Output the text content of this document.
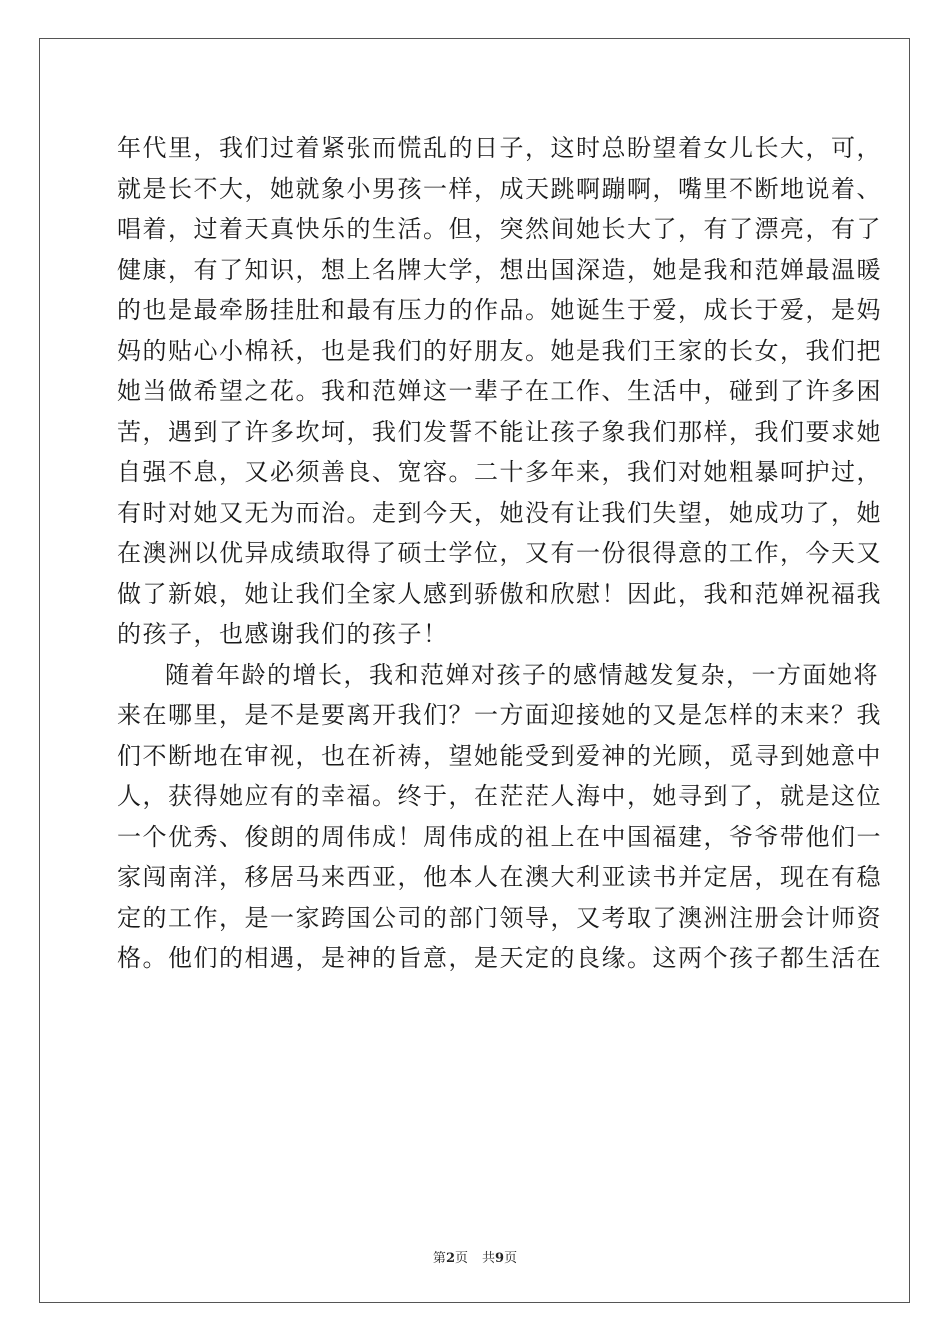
年代里，我们过着紧张而慌乱的日子，这时总盼望着女儿长大，可，
就是长不大，她就象小男孩一样，成天跳啊蹦啊，嘴里不断地说着、
唱着，过着天真快乐的生活。但，突然间她长大了，有了漂亮，有了
健康，有了知识，想上名牌大学，想出国深造，她是我和范婵最温暖
的也是最牵肠挂肚和最有压力的作品。她诞生于爱，成长于爱，是妈
妈的贴心小棉袄，也是我们的好朋友。她是我们王家的长女，我们把
她当做希望之花。我和范婵这一辈子在工作、生活中，碰到了许多困
苦，遇到了许多坎坷，我们发誓不能让孩子象我们那样，我们要求她
自强不息，又必须善良、宽容。二十多年来，我们对她粗暴呵护过，
有时对她又无为而治。走到今天，她没有让我们失望，她成功了，她
在澳洲以优异成绩取得了硕士学位，又有一份很得意的工作，今天又
做了新娘，她让我们全家人感到骄傲和欣慰！因此，我和范婵祝福我
的孩子，也感谢我们的孩子！
随着年龄的增长，我和范婵对孩子的感情越发复杂，一方面她将
来在哪里，是不是要离开我们？一方面迎接她的又是怎样的末来？我
们不断地在审视，也在祈祷，望她能受到爱神的光顾，觅寻到她意中
人，获得她应有的幸福。终于，在茫茫人海中，她寻到了，就是这位
一个优秀、俊朗的周伟成！周伟成的祖上在中国福建，爷爷带他们一
家闯南洋，移居马来西亚，他本人在澳大利亚读书并定居，现在有稳
定的工作，是一家跨国公司的部门领导，又考取了澳洲注册会计师资
格。他们的相遇，是神的旨意，是天定的良缘。这两个孩子都生活在
第2页 共9页
